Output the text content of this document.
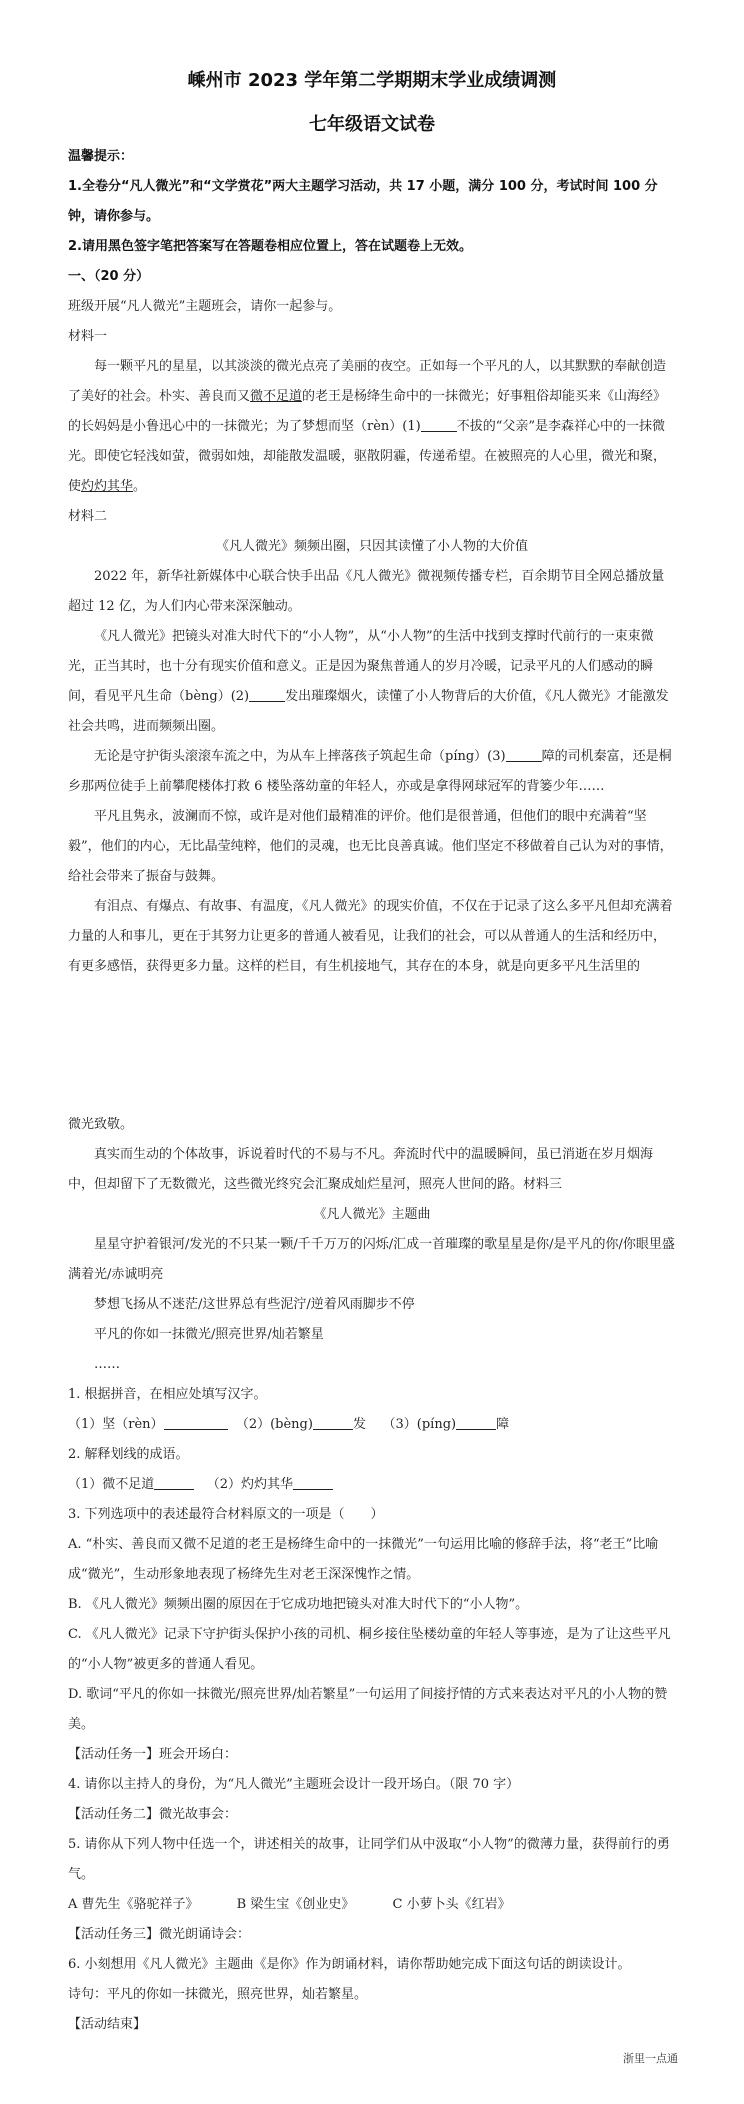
嵊州市 2023 学年第二学期期末学业成绩调测
七年级语文试卷

温馨提示：

1.全卷分“凡人微光”和“文学赏花”两大主题学习活动，共 17 小题，满分 100 分，考试时间 100 分钟，请你参与。

2.请用黑色签字笔把答案写在答题卷相应位置上，答在试题卷上无效。

一、（20 分）

班级开展“凡人微光”主题班会，请你一起参与。

材料一

每一颗平凡的星星，以其淡淡的微光点亮了美丽的夜空。正如每一个平凡的人，以其默默的奉献创造了美好的社会。朴实、善良而又微不足道的老王是杨绛生命中的一抹微光；好事粗俗却能买来《山海经》的长妈妈是小鲁迅心中的一抹微光；为了梦想而坚（rèn）(1)	不拔的“父亲”是李森祥心中的一抹微光。即使它轻浅如萤，微弱如烛，却能散发温暖，驱散阴霾，传递希望。在被照亮的人心里，微光和聚，使灼灼其华。

材料二

《凡人微光》频频出圈，只因其读懂了小人物的大价值

2022 年，新华社新媒体中心联合快手出品《凡人微光》微视频传播专栏，百余期节目全网总播放量超过 12 亿，为人们内心带来深深触动。

《凡人微光》把镜头对准大时代下的“小人物”，从“小人物”的生活中找到支撑时代前行的一束束微光，正当其时，也十分有现实价值和意义。正是因为聚焦普通人的岁月冷暖，记录平凡的人们感动的瞬间，看见平凡生命（bèng）(2)	发出璀璨烟火，读懂了小人物背后的大价值，《凡人微光》才能激发社会共鸣，进而频频出圈。

无论是守护街头滚滚车流之中，为从车上摔落孩子筑起生命（píng）(3)	障的司机秦富，还是桐乡那两位徒手上前攀爬楼体打救 6 楼坠落幼童的年轻人，亦或是拿得网球冠军的背篓少年……

平凡且隽永，波澜而不惊，或许是对他们最精准的评价。他们是很普通，但他们的眼中充满着“坚毅”，他们的内心，无比晶莹纯粹，他们的灵魂，也无比良善真诚。他们坚定不移做着自己认为对的事情，给社会带来了振奋与鼓舞。

有泪点、有爆点、有故事、有温度，《凡人微光》的现实价值，不仅在于记录了这么多平凡但却充满着力量的人和事儿，更在于其努力让更多的普通人被看见，让我们的社会，可以从普通人的生活和经历中，有更多感悟，获得更多力量。这样的栏目，有生机接地气，其存在的本身，就是向更多平凡生活里的

微光致敬。

真实而生动的个体故事，诉说着时代的不易与不凡。奔流时代中的温暖瞬间，虽已消逝在岁月烟海中，但却留下了无数微光，这些微光终究会汇聚成灿烂星河，照亮人世间的路。材料三

《凡人微光》主题曲

星星守护着银河/发光的不只某一颗/千千万万的闪烁/汇成一首璀璨的歌星星是你/是平凡的你/你眼里盛满着光/赤诚明亮

梦想飞扬从不迷茫/这世界总有些泥泞/逆着风雨脚步不停

平凡的你如一抹微光/照亮世界/灿若繁星

……

1. 根据拼音，在相应处填写汉字。

（1）坚（rèn）	（2）(bèng)	发 （3）(píng)	障

2. 解释划线的成语。

（1）微不足道	（2）灼灼其华

3. 下列选项中的表述最符合材料原文的一项是（　　）

A. “朴实、善良而又微不足道的老王是杨绛生命中的一抹微光”一句运用比喻的修辞手法，将“老王”比喻成“微光”，生动形象地表现了杨绛先生对老王深深愧怍之情。

B. 《凡人微光》频频出圈的原因在于它成功地把镜头对准大时代下的“小人物”。

C. 《凡人微光》记录下守护街头保护小孩的司机、桐乡接住坠楼幼童的年轻人等事迹，是为了让这些平凡的“小人物”被更多的普通人看见。

D. 歌词“平凡的你如一抹微光/照亮世界/灿若繁星”一句运用了间接抒情的方式来表达对平凡的小人物的赞美。

【活动任务一】班会开场白：

4. 请你以主持人的身份，为“凡人微光”主题班会设计一段开场白。（限 70 字）

【活动任务二】微光故事会：

5. 请你从下列人物中任选一个，讲述相关的故事，让同学们从中汲取“小人物”的微薄力量，获得前行的勇气。

A 曹先生《骆驼祥子》	B 梁生宝《创业史》	C 小萝卜头《红岩》

【活动任务三】微光朗诵诗会：

6. 小刻想用《凡人微光》主题曲《是你》作为朗诵材料，请你帮助她完成下面这句话的朗读设计。

诗句：平凡的你如一抹微光，照亮世界，灿若繁星。

【活动结束】

浙里一点通
